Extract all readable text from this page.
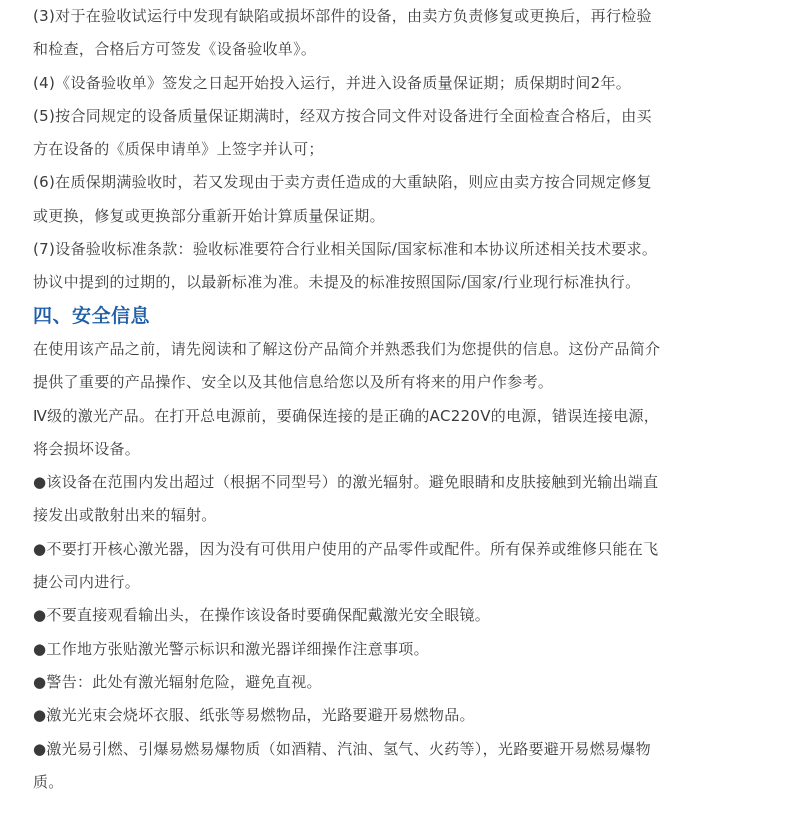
(3)对于在验收试运行中发现有缺陷或损坏部件的设备，由卖方负责修复或更换后，再行检验
和检查，合格后方可签发《设备验收单》。
(4)《设备验收单》签发之日起开始投入运行，并进入设备质量保证期；质保期时间2年。
(5)按合同规定的设备质量保证期满时，经双方按合同文件对设备进行全面检查合格后，由买
方在设备的《质保申请单》上签字并认可；
(6)在质保期满验收时，若又发现由于卖方责任造成的大重缺陷，则应由卖方按合同规定修复
或更换，修复或更换部分重新开始计算质量保证期。
(7)设备验收标准条款：验收标准要符合行业相关国际/国家标准和本协议所述相关技术要求。
协议中提到的过期的，以最新标准为准。未提及的标准按照国际/国家/行业现行标准执行。
四、安全信息
在使用该产品之前，请先阅读和了解这份产品简介并熟悉我们为您提供的信息。这份产品简介
提供了重要的产品操作、安全以及其他信息给您以及所有将来的用户作参考。
Ⅳ级的激光产品。在打开总电源前，要确保连接的是正确的AC220V的电源，错误连接电源，
将会损坏设备。
●该设备在范围内发出超过（根据不同型号）的激光辐射。避免眼睛和皮肤接触到光输出端直
接发出或散射出来的辐射。
●不要打开核心激光器，因为没有可供用户使用的产品零件或配件。所有保养或维修只能在飞
捷公司内进行。
●不要直接观看输出头，在操作该设备时要确保配戴激光安全眼镜。
●工作地方张贴激光警示标识和激光器详细操作注意事项。
●警告：此处有激光辐射危险，避免直视。
●激光光束会烧坏衣服、纸张等易燃物品，光路要避开易燃物品。
●激光易引燃、引爆易燃易爆物质（如酒精、汽油、氢气、火药等），光路要避开易燃易爆物
质。
